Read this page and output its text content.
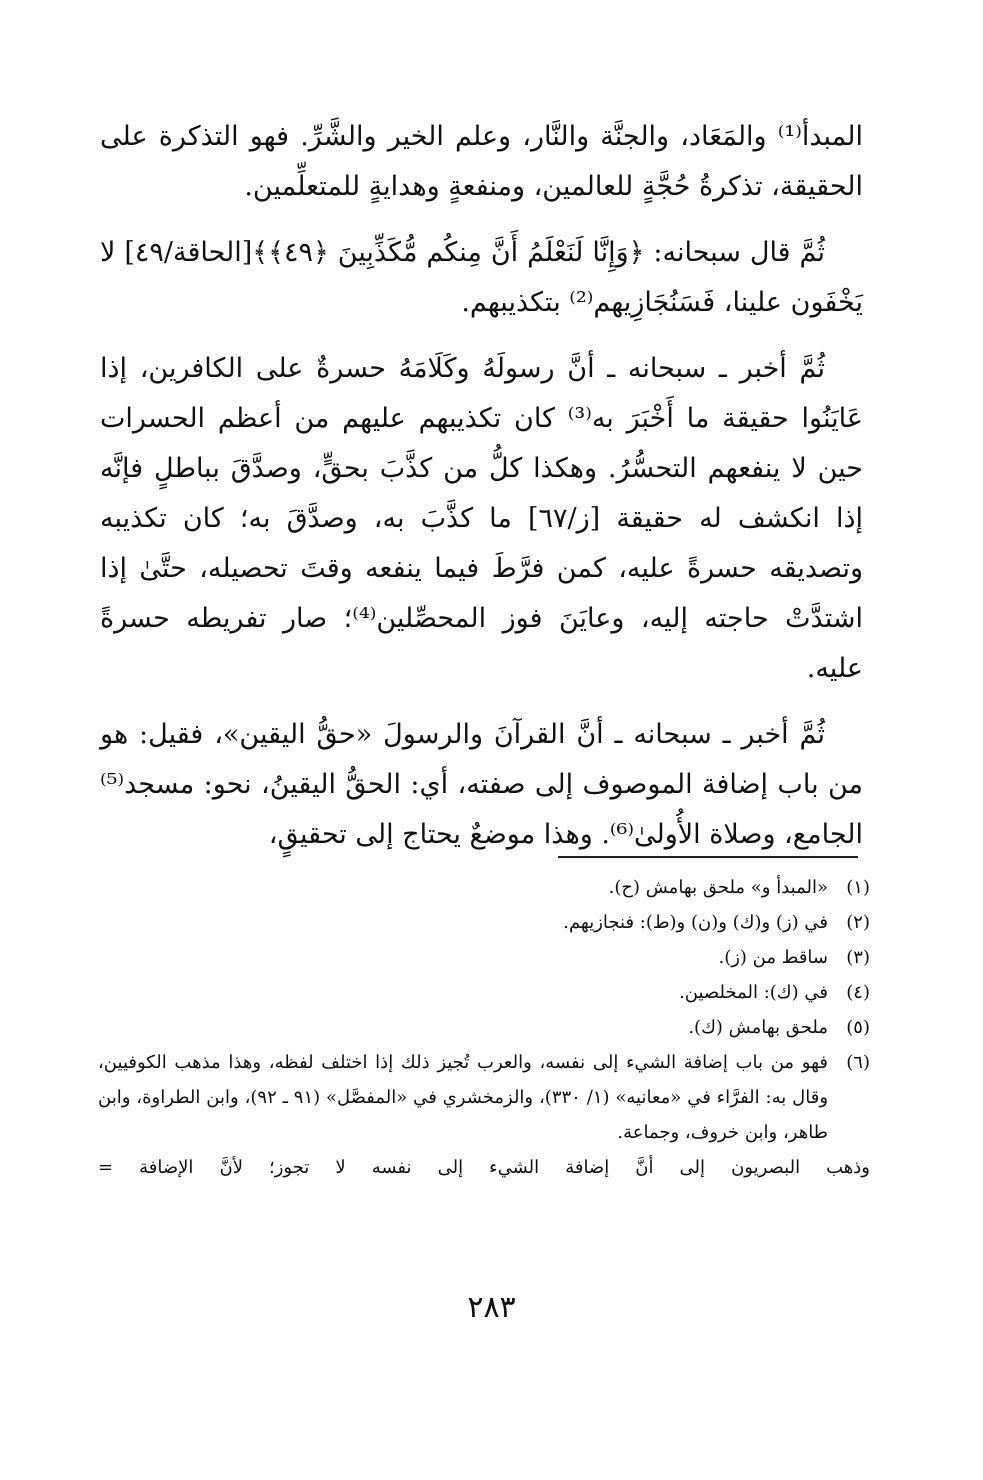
المبدأ⁽¹⁾ والمَعَاد، والجنَّة والنَّار، وعلم الخير والشَّرِّ. فهو التذكرة على الحقيقة، تذكرةُ حُجَّةٍ للعالمين، ومنفعةٍ وهدايةٍ للمتعلِّمين.

ثُمَّ قال سبحانه: ﴿وَإِنَّا لَنَعْلَمُ أَنَّ مِنكُم مُّكَذِّبِينَ ﴿٤٩﴾﴾[الحاقة/٤٩] لا يَخْفَون علينا، فَسَنُجَازِيهم⁽²⁾ بتكذيبهم.

ثُمَّ أخبر ـ سبحانه ـ أنَّ رسولَهُ وكَلَامَهُ حسرةٌ على الكافرين، إذا عَايَنُوا حقيقة ما أَخْبَرَ به⁽³⁾ كان تكذيبهم عليهم من أعظم الحسرات حين لا ينفعهم التحسُّرُ. وهكذا كلُّ من كذَّبَ بحقٍّ، وصدَّقَ بباطلٍ فإنَّه إذا انكشف له حقيقة [ز/٦٧] ما كذَّبَ به، وصدَّقَ به؛ كان تكذيبه وتصديقه حسرةً عليه، كمن فرَّطَ فيما ينفعه وقتَ تحصيله، حتَّىٰ إذا اشتدَّتْ حاجته إليه، وعايَنَ فوز المحصِّلين⁽⁴⁾؛ صار تفريطه حسرةً عليه.

ثُمَّ أخبر ـ سبحانه ـ أنَّ القرآنَ والرسولَ «حقُّ اليقين»، فقيل: هو من باب إضافة الموصوف إلى صفته، أي: الحقُّ اليقينُ، نحو: مسجد⁽⁵⁾ الجامع، وصلاة الأُولىٰ⁽⁶⁾. وهذا موضعٌ يحتاج إلى تحقيقٍ،

(١)
«المبدأ و» ملحق بهامش (ح).
(٢)
في (ز) و(ك) و(ن) و(ط): فنجازيهم.
(٣)
ساقط من (ز).
(٤)
في (ك): المخلصين.
(٥)
ملحق بهامش (ك).
(٦)
فهو من باب إضافة الشيء إلى نفسه، والعرب تُجيز ذلك إذا اختلف لفظه، وهذا مذهب الكوفيين، وقال به: الفرَّاء في «معانيه» (١/ ٣٣٠)، والزمخشري في «المفصَّل» (٩١ ـ ٩٢)، وابن الطراوة، وابن طاهر، وابن خروف، وجماعة.
وذهب البصريون إلى أنَّ إضافة الشيء إلى نفسه لا تجوز؛ لأنَّ الإضافة =
٢٨٣
